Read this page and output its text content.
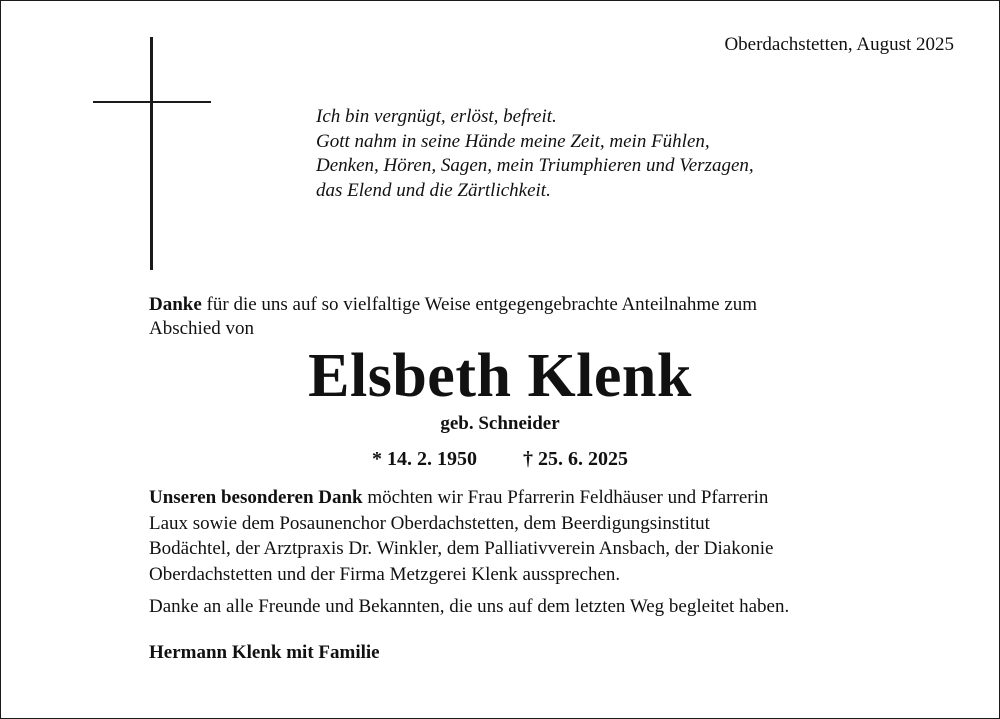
Oberdachstetten, August 2025
Ich bin vergnügt, erlöst, befreit.
Gott nahm in seine Hände meine Zeit, mein Fühlen,
Denken, Hören, Sagen, mein Triumphieren und Verzagen,
das Elend und die Zärtlichkeit.
Danke für die uns auf so vielfaltige Weise entgegengebrachte Anteilnahme zum
Abschied von
Elsbeth Klenk
geb. Schneider
* 14. 2. 1950 † 25. 6. 2025
Unseren besonderen Dank möchten wir Frau Pfarrerin Feldhäuser und Pfarrerin
Laux sowie dem Posaunenchor Oberdachstetten, dem Beerdigungsinstitut
Bodächtel, der Arztpraxis Dr. Winkler, dem Palliativverein Ansbach, der Diakonie
Oberdachstetten und der Firma Metzgerei Klenk aussprechen.
Danke an alle Freunde und Bekannten, die uns auf dem letzten Weg begleitet haben.
Hermann Klenk mit Familie
